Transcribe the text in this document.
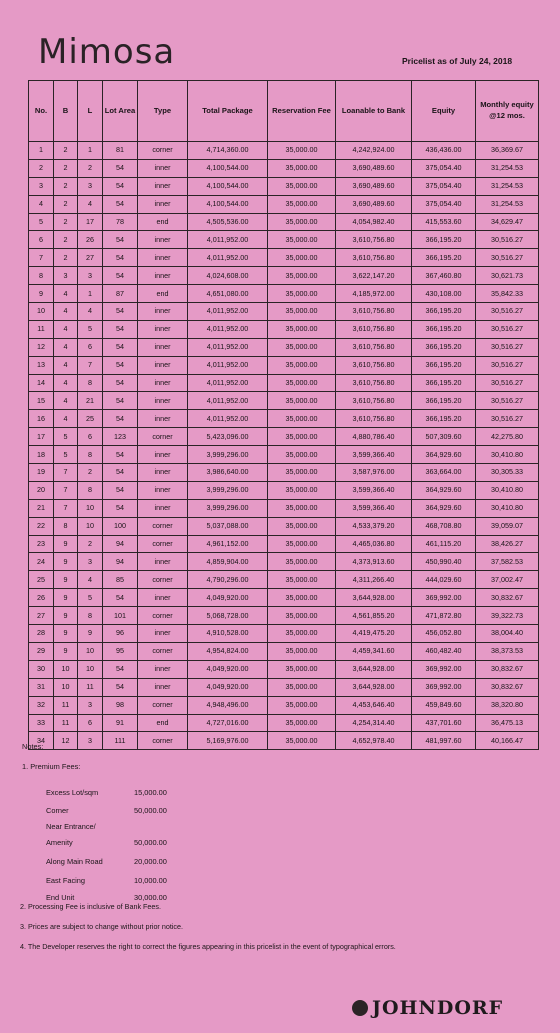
Mimosa	Pricelist as of July 24, 2018
No.	B	L	Lot Area	Type	Total Package	Reservation Fee	Loanable to Bank	Equity	Monthly equity @12 mos.
1	2	1	81	corner	4,714,360.00	35,000.00	4,242,924.00	436,436.00	36,369.67
2	2	2	54	inner	4,100,544.00	35,000.00	3,690,489.60	375,054.40	31,254.53
3	2	3	54	inner	4,100,544.00	35,000.00	3,690,489.60	375,054.40	31,254.53
4	2	4	54	inner	4,100,544.00	35,000.00	3,690,489.60	375,054.40	31,254.53
5	2	17	78	end	4,505,536.00	35,000.00	4,054,982.40	415,553.60	34,629.47
6	2	26	54	inner	4,011,952.00	35,000.00	3,610,756.80	366,195.20	30,516.27
7	2	27	54	inner	4,011,952.00	35,000.00	3,610,756.80	366,195.20	30,516.27
8	3	3	54	inner	4,024,608.00	35,000.00	3,622,147.20	367,460.80	30,621.73
9	4	1	87	end	4,651,080.00	35,000.00	4,185,972.00	430,108.00	35,842.33
10	4	4	54	inner	4,011,952.00	35,000.00	3,610,756.80	366,195.20	30,516.27
11	4	5	54	inner	4,011,952.00	35,000.00	3,610,756.80	366,195.20	30,516.27
12	4	6	54	inner	4,011,952.00	35,000.00	3,610,756.80	366,195.20	30,516.27
13	4	7	54	inner	4,011,952.00	35,000.00	3,610,756.80	366,195.20	30,516.27
14	4	8	54	inner	4,011,952.00	35,000.00	3,610,756.80	366,195.20	30,516.27
15	4	21	54	inner	4,011,952.00	35,000.00	3,610,756.80	366,195.20	30,516.27
16	4	25	54	inner	4,011,952.00	35,000.00	3,610,756.80	366,195.20	30,516.27
17	5	6	123	corner	5,423,096.00	35,000.00	4,880,786.40	507,309.60	42,275.80
18	5	8	54	inner	3,999,296.00	35,000.00	3,599,366.40	364,929.60	30,410.80
19	7	2	54	inner	3,986,640.00	35,000.00	3,587,976.00	363,664.00	30,305.33
20	7	8	54	inner	3,999,296.00	35,000.00	3,599,366.40	364,929.60	30,410.80
21	7	10	54	inner	3,999,296.00	35,000.00	3,599,366.40	364,929.60	30,410.80
22	8	10	100	corner	5,037,088.00	35,000.00	4,533,379.20	468,708.80	39,059.07
23	9	2	94	corner	4,961,152.00	35,000.00	4,465,036.80	461,115.20	38,426.27
24	9	3	94	inner	4,859,904.00	35,000.00	4,373,913.60	450,990.40	37,582.53
25	9	4	85	corner	4,790,296.00	35,000.00	4,311,266.40	444,029.60	37,002.47
26	9	5	54	inner	4,049,920.00	35,000.00	3,644,928.00	369,992.00	30,832.67
27	9	8	101	corner	5,068,728.00	35,000.00	4,561,855.20	471,872.80	39,322.73
28	9	9	96	inner	4,910,528.00	35,000.00	4,419,475.20	456,052.80	38,004.40
29	9	10	95	corner	4,954,824.00	35,000.00	4,459,341.60	460,482.40	38,373.53
30	10	10	54	inner	4,049,920.00	35,000.00	3,644,928.00	369,992.00	30,832.67
31	10	11	54	inner	4,049,920.00	35,000.00	3,644,928.00	369,992.00	30,832.67
32	11	3	98	corner	4,948,496.00	35,000.00	4,453,646.40	459,849.60	38,320.80
33	11	6	91	end	4,727,016.00	35,000.00	4,254,314.40	437,701.60	36,475.13
34	12	3	111	corner	5,169,976.00	35,000.00	4,652,978.40	481,997.60	40,166.47
Notes:
1. Premium Fees:
Excess Lot/sqm	15,000.00
Corner	50,000.00
Near Entrance/
Amenity	50,000.00
Along Main Road	20,000.00
East Facing	10,000.00
End Unit	30,000.00
2. Processing Fee is inclusive of Bank Fees.
3. Prices are subject to change without prior notice.
4. The Developer reserves the right to correct the figures appearing in this pricelist in the event of typographical errors.
JOHNDORF
